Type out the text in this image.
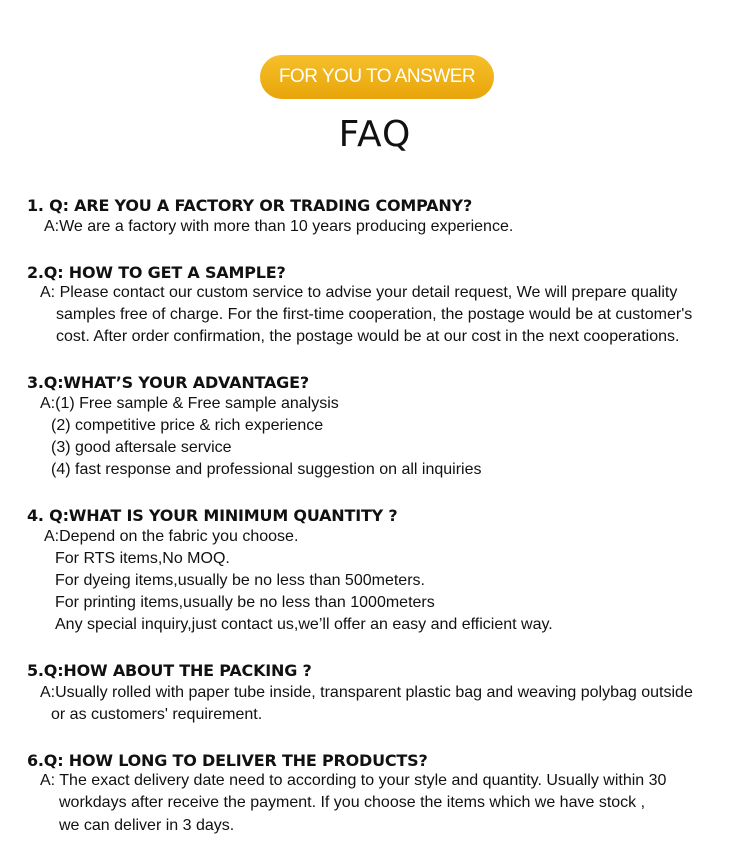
FOR YOU TO ANSWER
FAQ
1. Q: ARE YOU A FACTORY OR TRADING COMPANY?
A:We are a factory with more than 10 years producing experience.
2.Q: HOW TO GET A SAMPLE?
A: Please contact our custom service to advise your detail request, We will prepare quality
samples free of charge. For the first-time cooperation, the postage would be at customer's
cost. After order confirmation, the postage would be at our cost in the next cooperations.
3.Q:WHAT’S YOUR ADVANTAGE?
A:(1) Free sample & Free sample analysis
(2) competitive price & rich experience
(3) good aftersale service
(4) fast response and professional suggestion on all inquiries
4. Q:WHAT IS YOUR MINIMUM QUANTITY ?
A:Depend on the fabric you choose.
For RTS items,No MOQ.
For dyeing items,usually be no less than 500meters.
For printing items,usually be no less than 1000meters
Any special inquiry,just contact us,we’ll offer an easy and efficient way.
5.Q:HOW ABOUT THE PACKING ?
A:Usually rolled with paper tube inside, transparent plastic bag and weaving polybag outside
or as customers' requirement.
6.Q: HOW LONG TO DELIVER THE PRODUCTS?
A: The exact delivery date need to according to your style and quantity. Usually within 30
workdays after receive the payment. If you choose the items which we have stock ,
we can deliver in 3 days.
